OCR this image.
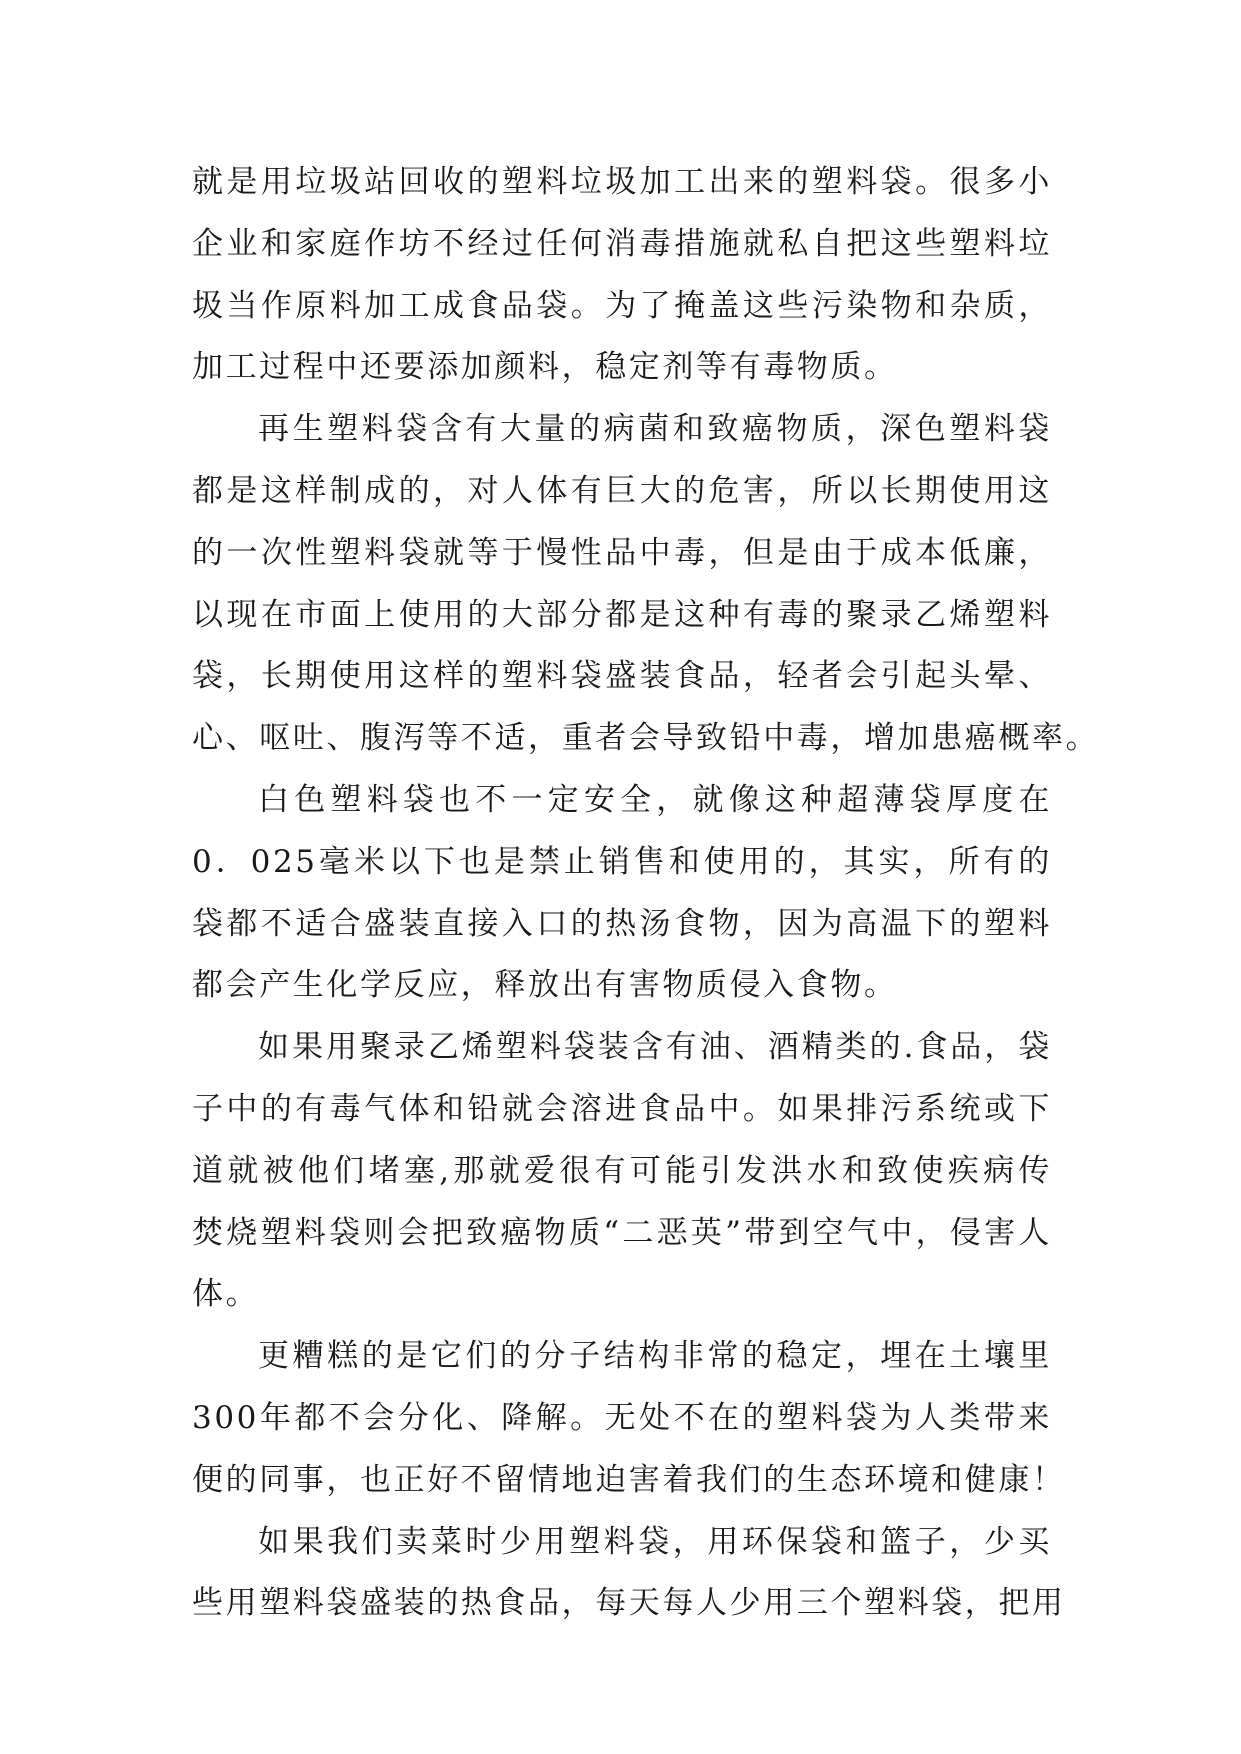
就是用垃圾站回收的塑料垃圾加工出来的塑料袋。很多小
企业和家庭作坊不经过任何消毒措施就私自把这些塑料垃
圾当作原料加工成食品袋。为了掩盖这些污染物和杂质，
加工过程中还要添加颜料，稳定剂等有毒物质。
再生塑料袋含有大量的病菌和致癌物质，深色塑料袋
都是这样制成的，对人体有巨大的危害，所以长期使用这
的一次性塑料袋就等于慢性品中毒，但是由于成本低廉，
以现在市面上使用的大部分都是这种有毒的聚录乙烯塑料
袋，长期使用这样的塑料袋盛装食品，轻者会引起头晕、
心、呕吐、腹泻等不适，重者会导致铅中毒，增加患癌概率。
白色塑料袋也不一定安全，就像这种超薄袋厚度在
0．025毫米以下也是禁止销售和使用的，其实，所有的
袋都不适合盛装直接入口的热汤食物，因为高温下的塑料
都会产生化学反应，释放出有害物质侵入食物。
如果用聚录乙烯塑料袋装含有油、酒精类的.食品，袋
子中的有毒气体和铅就会溶进食品中。如果排污系统或下
道就被他们堵塞,那就爱很有可能引发洪水和致使疾病传
焚烧塑料袋则会把致癌物质“二恶英”带到空气中，侵害人
体。
更糟糕的是它们的分子结构非常的稳定，埋在土壤里
300年都不会分化、降解。无处不在的塑料袋为人类带来
便的同事，也正好不留情地迫害着我们的生态环境和健康！
如果我们卖菜时少用塑料袋，用环保袋和篮子，少买
些用塑料袋盛装的热食品，每天每人少用三个塑料袋，把用
